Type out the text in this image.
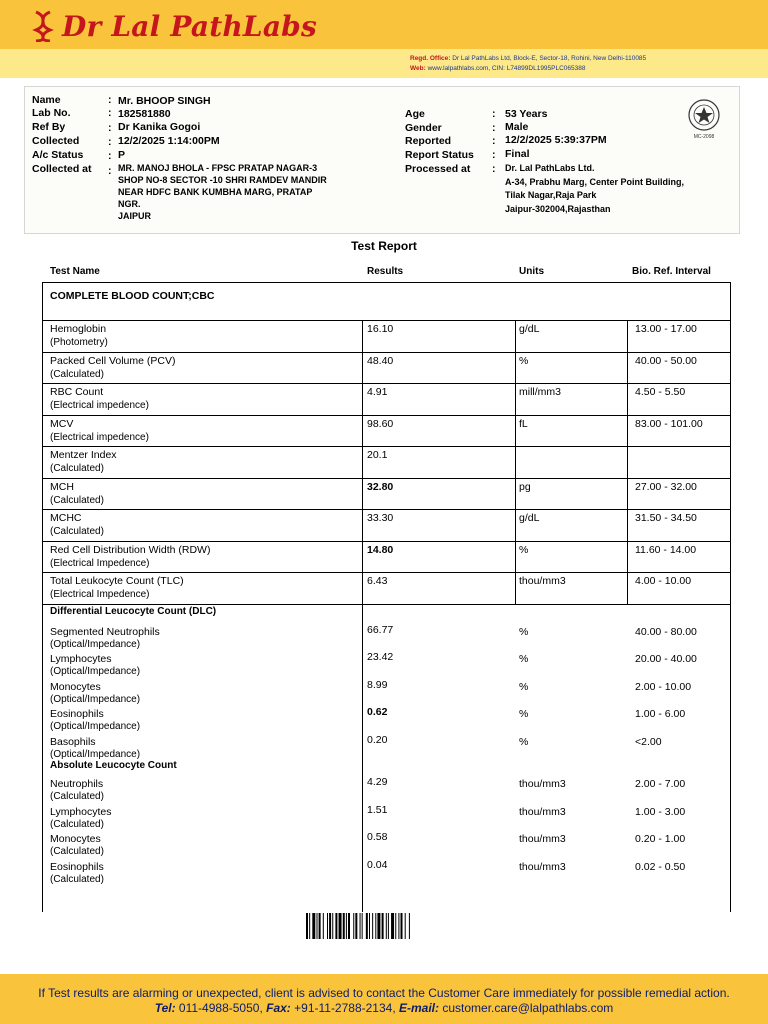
Dr Lal PathLabs
Regd. Office: Dr Lal PathLabs Ltd, Block-E, Sector-18, Rohini, New Delhi-110085
Web: www.lalpathlabs.com, CIN: L74899DL1995PLC065388
Name	: Mr. BHOOP SINGH
Lab No.	: 182581880
Ref By	: Dr Kanika Gogoi
Collected	: 12/2/2025 1:14:00PM
A/c Status : P
Collected at : MR. MANOJ BHOLA - FPSC PRATAP NAGAR-3
SHOP NO-8 SECTOR -10 SHRI RAMDEV MANDIR
NEAR HDFC BANK KUMBHA MARG, PRATAP
NGR.
JAIPUR
Age	: 53 Years
Gender	: Male
Reported	: 12/2/2025 5:39:37PM
Report Status : Final
Processed at : Dr. Lal PathLabs Ltd.
A-34, Prabhu Marg, Center Point Building,
Tilak Nagar,Raja Park
Jaipur-302004,Rajasthan
MC-2098
Test Report
Test Name	Results	Units	Bio. Ref. Interval
COMPLETE BLOOD COUNT;CBC
Hemoglobin
(Photometry)
16.10	g/dL	13.00 - 17.00
Packed Cell Volume (PCV)
(Calculated)
48.40	%	40.00 - 50.00
RBC Count
(Electrical impedence)
4.91	mill/mm3	4.50 - 5.50
MCV
(Electrical impedence)
98.60	fL	83.00 - 101.00
Mentzer Index
(Calculated)
20.1
MCH
(Calculated)
32.80	pg	27.00 - 32.00
MCHC
(Calculated)
33.30	g/dL	31.50 - 34.50
Red Cell Distribution Width (RDW)
(Electrical Impedence)
14.80	%	11.60 - 14.00
Total Leukocyte Count (TLC)
(Electrical Impedence)
6.43	thou/mm3	4.00 - 10.00
Differential Leucocyte Count (DLC)
Segmented Neutrophils
(Optical/Impedance)
66.77	%	40.00 - 80.00
Lymphocytes
(Optical/Impedance)
23.42	%	20.00 - 40.00
Monocytes
(Optical/Impedance)
8.99	%	2.00 - 10.00
Eosinophils
(Optical/Impedance)
0.62	%	1.00 - 6.00
Basophils
(Optical/Impedance)
0.20	%	<2.00
Absolute Leucocyte Count
Neutrophils
(Calculated)
4.29	thou/mm3	2.00 - 7.00
Lymphocytes
(Calculated)
1.51	thou/mm3	1.00 - 3.00
Monocytes
(Calculated)
0.58	thou/mm3	0.20 - 1.00
Eosinophils
(Calculated)
0.04	thou/mm3	0.02 - 0.50
If Test results are alarming or unexpected, client is advised to contact the Customer Care immediately for possible remedial action.
Tel: 011-4988-5050, Fax: +91-11-2788-2134, E-mail: customer.care@lalpathlabs.com
